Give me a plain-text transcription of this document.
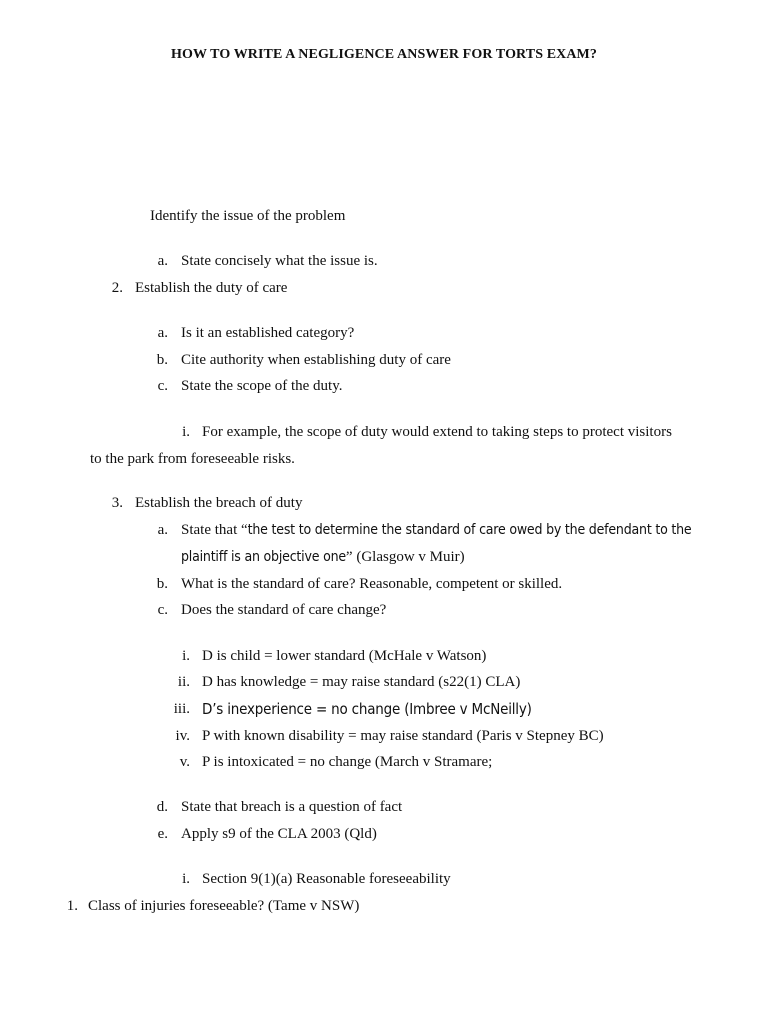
HOW TO WRITE A NEGLIGENCE ANSWER FOR TORTS EXAM?
Identify the issue of the problem
a. State concisely what the issue is.
2. Establish the duty of care
a. Is it an established category?
b. Cite authority when establishing duty of care
c. State the scope of the duty.
i. For example, the scope of duty would extend to taking steps to protect visitors
to the park from foreseeable risks.
3. Establish the breach of duty
a. State that “the test to determine the standard of care owed by the defendant to the
plaintiff is an objective one” (Glasgow v Muir)
b. What is the standard of care? Reasonable, competent or skilled.
c. Does the standard of care change?
i. D is child = lower standard (McHale v Watson)
ii. D has knowledge = may raise standard (s22(1) CLA)
iii. D’s inexperience = no change (Imbree v McNeilly)
iv. P with known disability = may raise standard (Paris v Stepney BC)
v. P is intoxicated = no change (March v Stramare;
d. State that breach is a question of fact
e. Apply s9 of the CLA 2003 (Qld)
i. Section 9(1)(a) Reasonable foreseeability
1. Class of injuries foreseeable? (Tame v NSW)
